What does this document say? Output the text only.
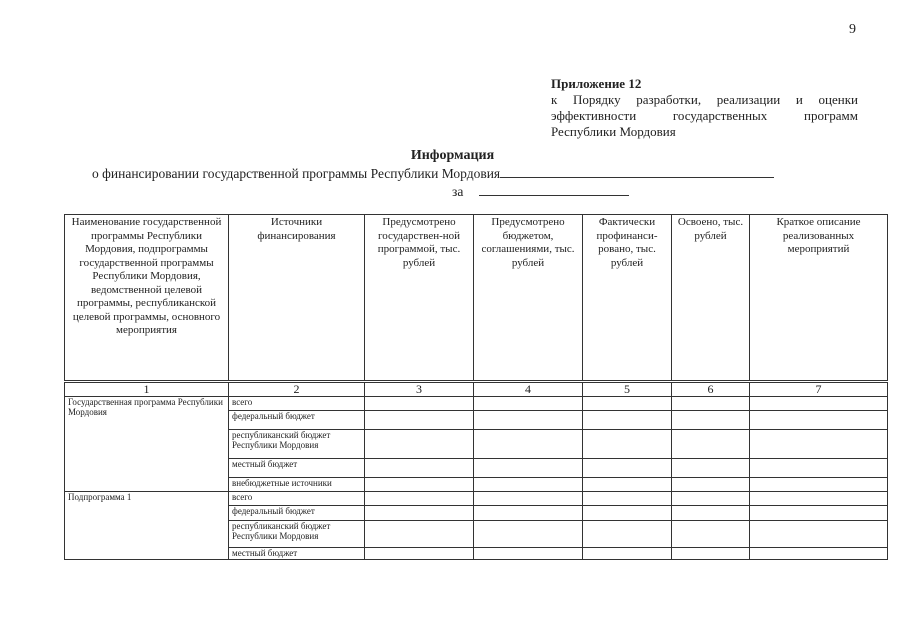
9
Приложение 12
к Порядку разработки, реализации и оценки
эффективности государственных программ
Республики Мордовия
Информация
о финансировании государственной программы Республики Мордовия
за
Наименование государственной программы Республики Мордовия, подпрограммы государственной программы Республики Мордовия, ведомственной целевой программы, республиканской целевой программы, основного мероприятия	Источники финансирования	Предусмотрено государствен-ной программой, тыс. рублей	Предусмотрено бюджетом, соглашениями, тыс. рублей	Фактически профинанси-ровано, тыс. рублей	Освоено, тыс. рублей	Краткое описание реализованных мероприятий
1	2	3	4	5	6	7
Государственная программа Республики Мордовия	всего					
	федеральный бюджет					
	республиканский бюджет Республики Мордовия					
	местный бюджет					
	внебюджетные источники					
Подпрограмма 1	всего					
	федеральный бюджет					
	республиканский бюджет Республики Мордовия					
	местный бюджет					
